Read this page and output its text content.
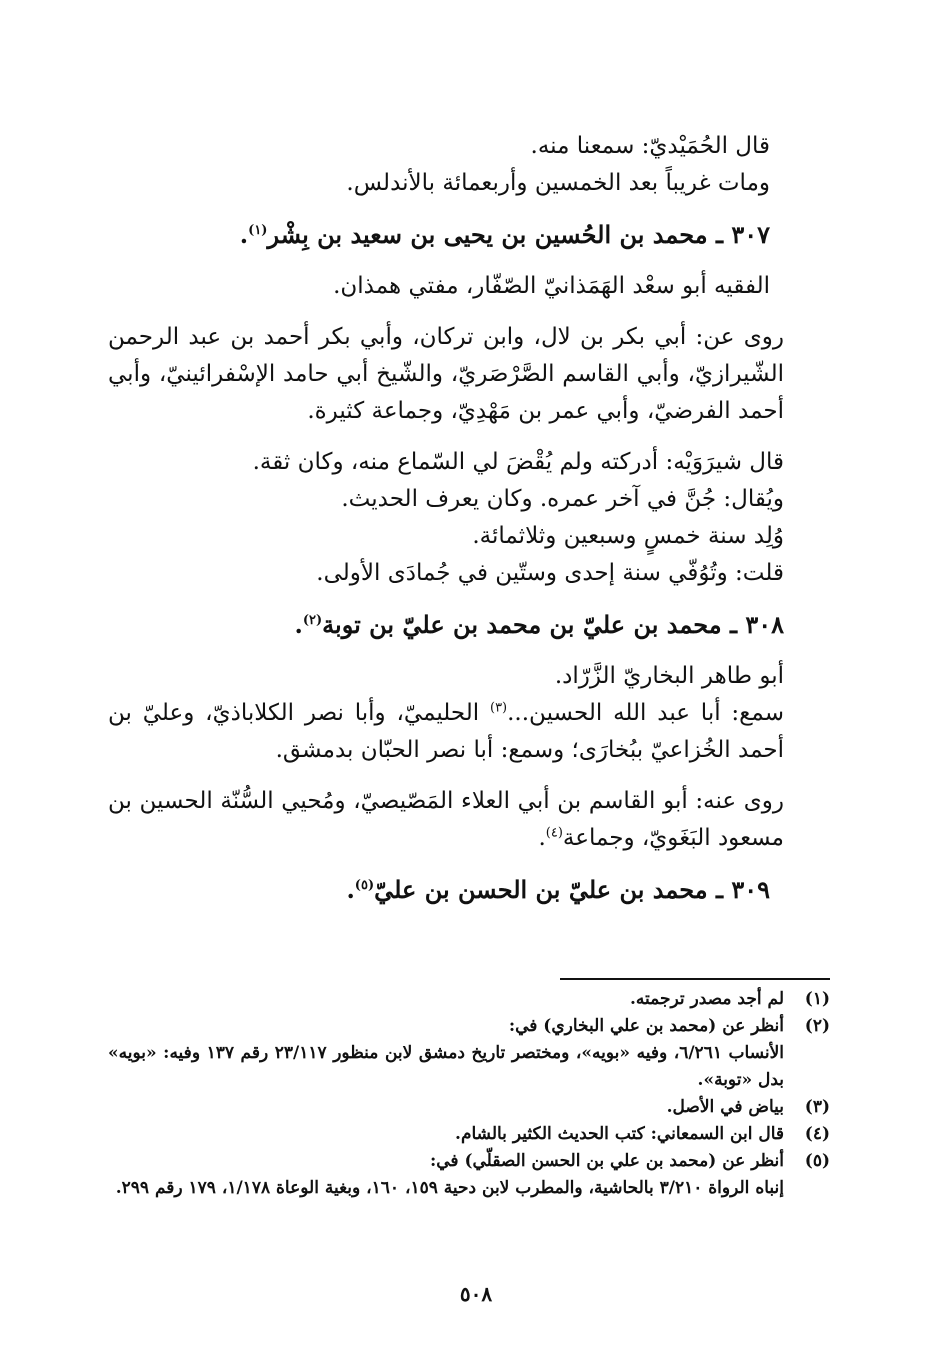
قال الحُمَيْديّ: سمعنا منه.

ومات غريباً بعد الخمسين وأربعمائة بالأندلس.

٣٠٧ ـ محمد بن الحُسين بن يحيى بن سعيد بن بِشْر$^{(١)}$.

الفقيه أبو سعْد الهَمَذانيّ الصّفّار، مفتي همذان.

روى عن: أبي بكر بن لال، وابن تركان، وأبي بكر أحمد بن عبد الرحمن الشّيرازيّ، وأبي القاسم الصَّرْصَريّ، والشّيخ أبي حامد الإسْفرائينيّ، وأبي أحمد الفرضيّ، وأبي عمر بن مَهْدِيّ، وجماعة كثيرة.

قال شيرَوَيْه: أدركته ولم يُقْضَ لي السّماع منه، وكان ثقة.

ويُقال: جُنَّ في آخر عمره. وكان يعرف الحديث.

وُلِد سنة خمسٍ وسبعين وثلاثمائة.

قلت: وتُوُفّي سنة إحدى وستّين في جُمادَى الأولى.

٣٠٨ ـ محمد بن عليّ بن محمد بن عليّ بن توبة$^{(٢)}$.

أبو طاهر البخاريّ الزَّرّاد.

سمع: أبا عبد الله الحسين...$^{(٣)}$ الحليميّ، وأبا نصر الكلاباذيّ، وعليّ بن أحمد الخُزاعيّ ببُخارَى؛ وسمع: أبا نصر الحبّان بدمشق.

روى عنه: أبو القاسم بن أبي العلاء المَصّيصيّ، ومُحيي السُّنّة الحسين بن مسعود البَغَويّ، وجماعة$^{(٤)}$.

٣٠٩ ـ محمد بن عليّ بن الحسن بن عليّ$^{(٥)}$.

(١)
لم أجد مصدر ترجمته.
(٢)
أنظر عن (محمد بن علي البخاري) في:
الأنساب ٦/٢٦١، وفيه «بويه»، ومختصر تاريخ دمشق لابن منظور ٢٣/١١٧ رقم ١٣٧ وفيه: «بويه» بدل «توبة».
(٣)
بياض في الأصل.
(٤)
قال ابن السمعاني: كتب الحديث الكثير بالشام.
(٥)
أنظر عن (محمد بن علي بن الحسن الصقلّي) في:
إنباه الرواة ٣/٢١٠ بالحاشية، والمطرب لابن دحية ١٥٩، ١٦٠، وبغية الوعاة ١/١٧٨، ١٧٩ رقم ٢٩٩.
٥٠٨
